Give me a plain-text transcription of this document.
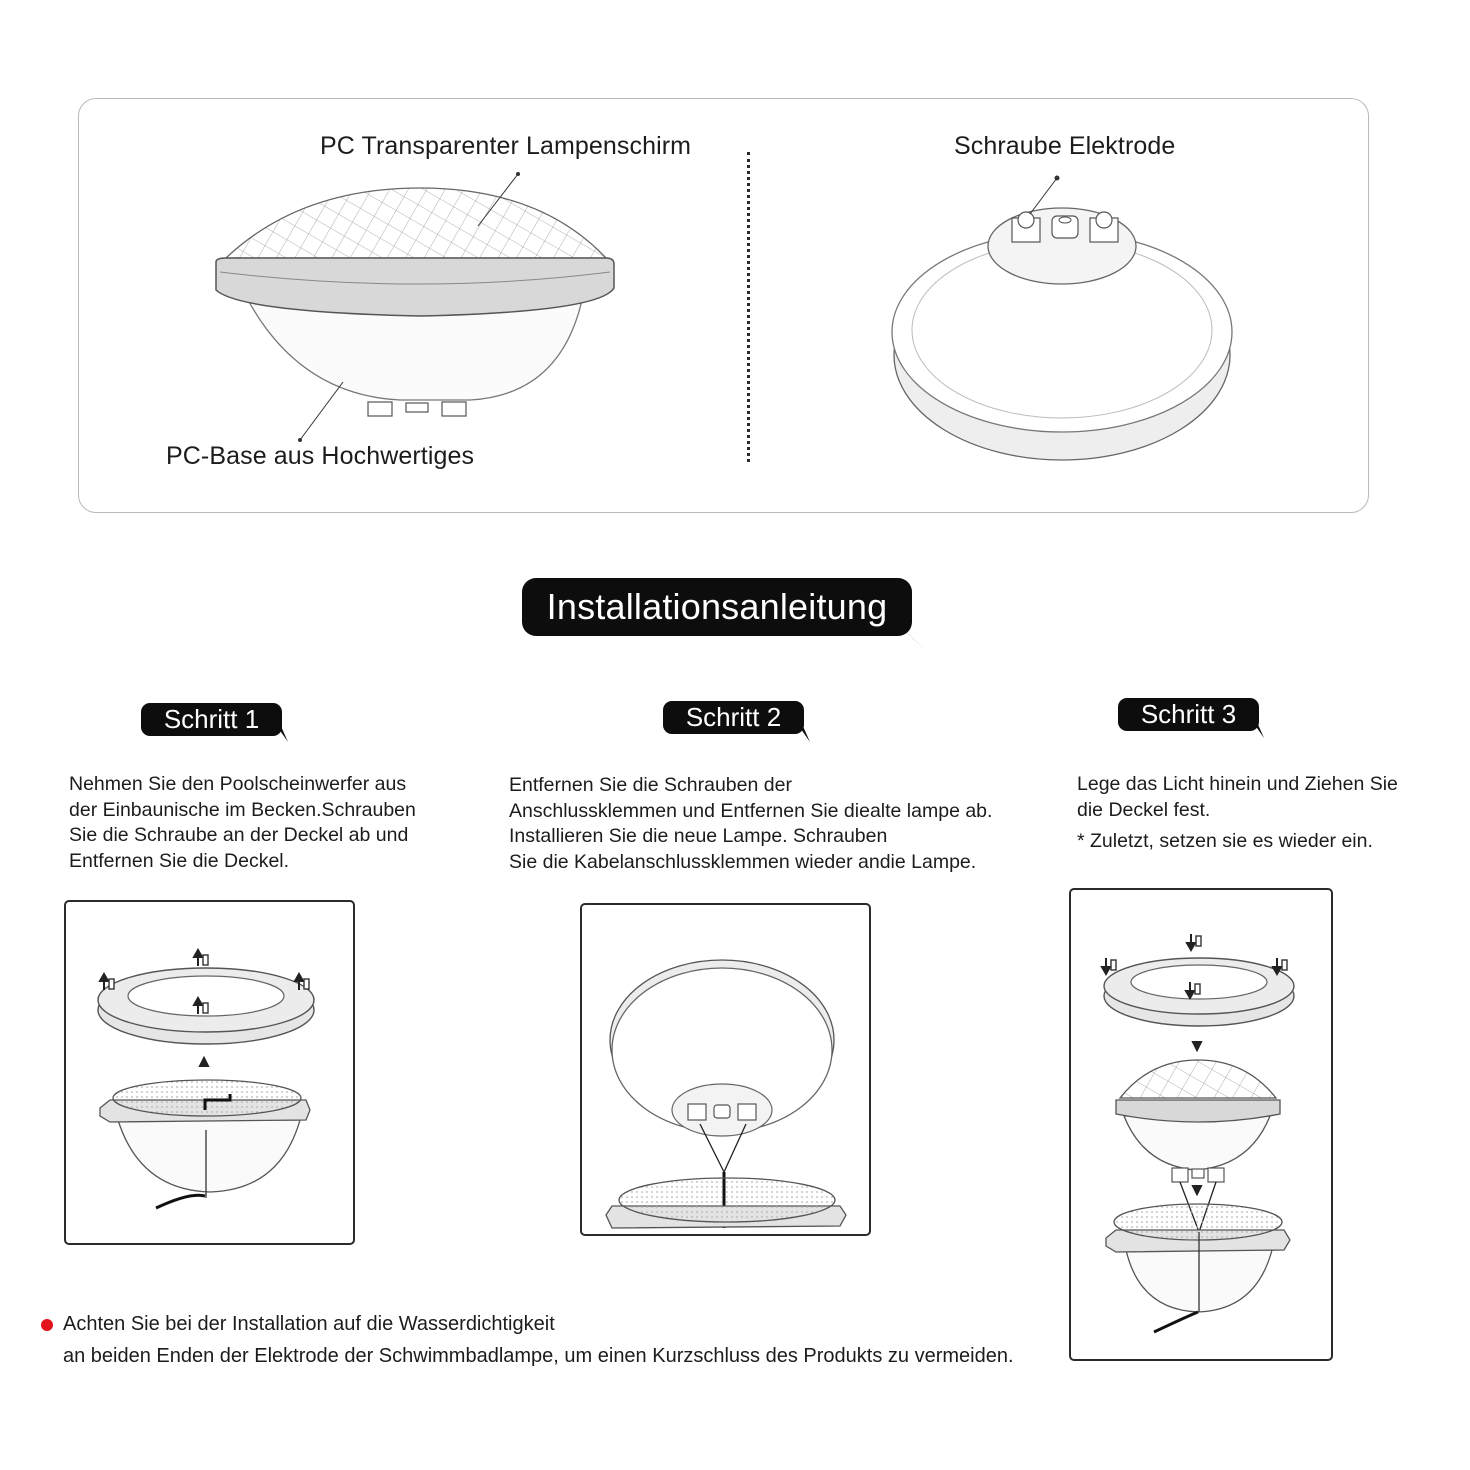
PC Transparenter Lampenschirm
PC-Base aus Hochwertiges
Schraube Elektrode
Installationsanleitung
Schritt 1	Schritt 2	Schritt 3
Nehmen Sie den Poolscheinwerfer aus
der Einbaunische im Becken.Schrauben
Sie die Schraube an der Deckel ab und
Entfernen Sie die Deckel.
Entfernen Sie die Schrauben der
Anschlussklemmen und Entfernen Sie diealte lampe ab.
Installieren Sie die neue Lampe. Schrauben
Sie die Kabelanschlussklemmen wieder andie Lampe.
Lege das Licht hinein und Ziehen Sie
die Deckel fest.
* Zuletzt, setzen sie es wieder ein.
Achten Sie bei der Installation auf die Wasserdichtigkeit
an beiden Enden der Elektrode der Schwimmbadlampe, um einen Kurzschluss des Produkts zu vermeiden.
